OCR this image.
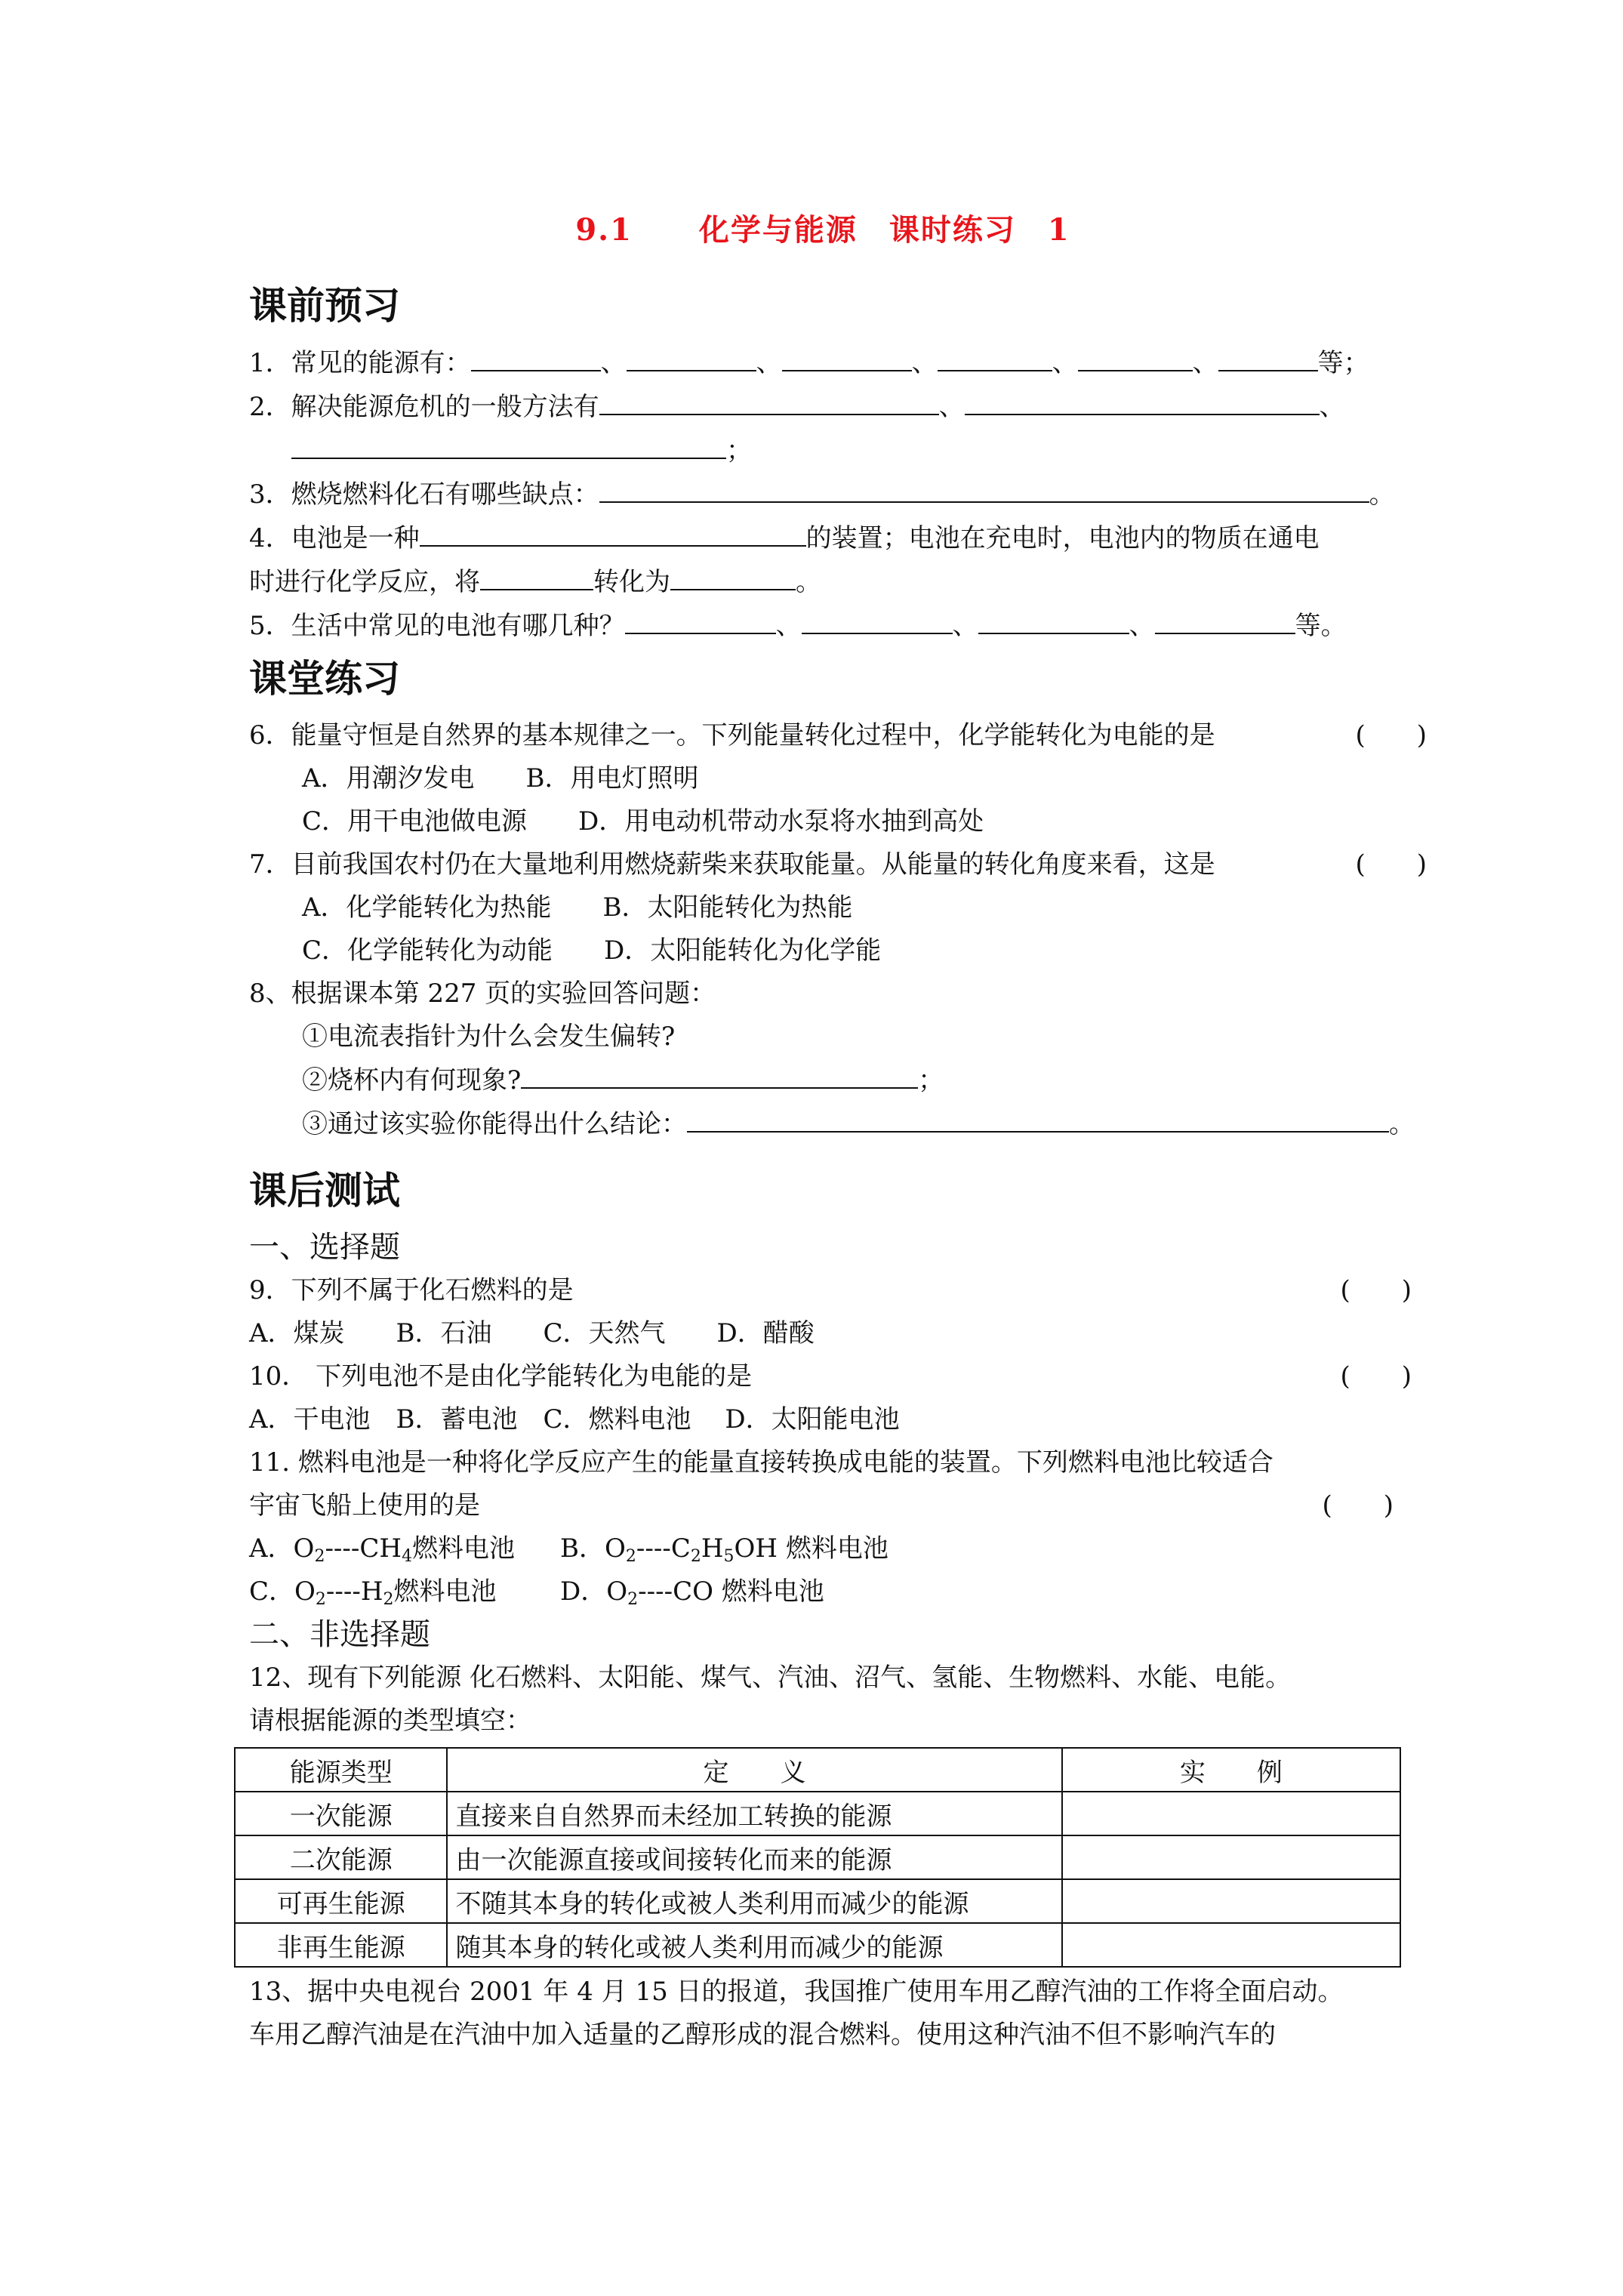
9.1　 化学与能源　课时练习　1
课前预习
1．常见的能源有：	、	、	、	、	、	等；
2．解决能源危机的一般方法有	、	、
；
3．燃烧燃料化石有哪些缺点：	。
4．电池是一种	的装置；电池在充电时，电池内的物质在通电
时进行化学反应，将	转化为	。
5．生活中常见的电池有哪几种？	、	、	、	等。
课堂练习
6．能量守恒是自然界的基本规律之一。下列能量转化过程中，化学能转化为电能的是	(　　)
A．用潮汐发电　　B．用电灯照明
C．用干电池做电源　　D．用电动机带动水泵将水抽到高处
7．目前我国农村仍在大量地利用燃烧薪柴来获取能量。从能量的转化角度来看，这是	(　　)
A．化学能转化为热能　　B．太阳能转化为热能
C．化学能转化为动能　　D．太阳能转化为化学能
8、根据课本第 227 页的实验回答问题：
①电流表指针为什么会发生偏转?
②烧杯内有何现象?	；
③通过该实验你能得出什么结论：	。
课后测试
一、选择题
9．下列不属于化石燃料的是	(　　)
A．煤炭　　B．石油　　C．天然气　　D．醋酸
10． 下列电池不是由化学能转化为电能的是	(　　)
A．干电池　B．蓄电池　C．燃料电池　 D．太阳能电池
11. 燃料电池是一种将化学反应产生的能量直接转换成电能的装置。下列燃料电池比较适合
宇宙飞船上使用的是	(　　)
A．$O_2----CH_4$燃料电池 B．$O_2----C_2H_5OH$ 燃料电池
C．$O_2----H_2$燃料电池 D．$O_2----CO$ 燃料电池
二、非选择题
12、现有下列能源 化石燃料、太阳能、煤气、汽油、沼气、氢能、生物燃料、水能、电能。
请根据能源的类型填空：
能源类型	定　　义	实　　例
一次能源	直接来自自然界而未经加工转换的能源	
二次能源	由一次能源直接或间接转化而来的能源	
可再生能源	不随其本身的转化或被人类利用而减少的能源	
非再生能源	随其本身的转化或被人类利用而减少的能源	
13、据中央电视台 2001 年 4 月 15 日的报道，我国推广使用车用乙醇汽油的工作将全面启动。
车用乙醇汽油是在汽油中加入适量的乙醇形成的混合燃料。使用这种汽油不但不影响汽车的
